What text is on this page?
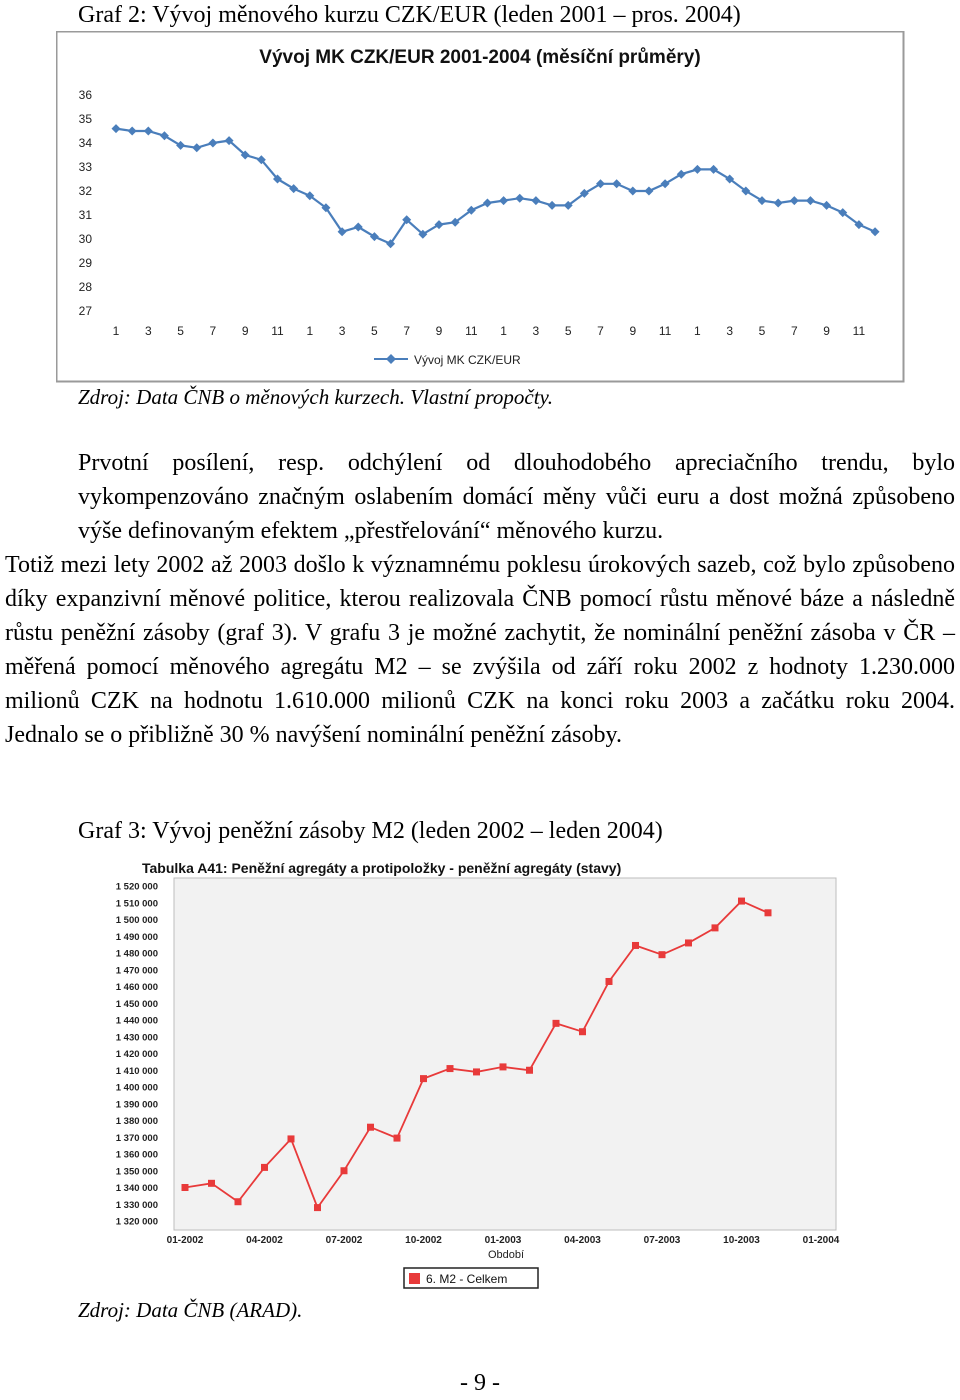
Graf 2: Vývoj měnového kurzu CZK/EUR (leden 2001 – pros. 2004)
Vývoj MK CZK/EUR 2001-2004 (měsíční průměry)
27
28
29
30
31
32
33
34
35
36
1 3 5 7 9 11 1 3 5 7 9 11 1 3 5 7 9 11 1 3 5 7 9 11
Vývoj MK CZK/EUR
Zdroj: Data ČNB o měnových kurzech. Vlastní propočty.

Prvotní posílení, resp. odchýlení od dlouhodobého apreciačního trendu, bylo vykompenzováno značným oslabením domácí měny vůči euru a dost možná způsobeno výše definovaným efektem „přestřelování“ měnového kurzu.

Totiž mezi lety 2002 až 2003 došlo k významnému poklesu úrokových sazeb, což bylo způsobeno díky expanzivní měnové politice, kterou realizovala ČNB pomocí růstu měnové báze a následně růstu peněžní zásoby (graf 3). V grafu 3 je možné zachytit, že nominální peněžní zásoba v ČR – měřená pomocí měnového agregátu M2 – se zvýšila od září roku 2002 z hodnoty 1.230.000 milionů CZK na hodnotu 1.610.000 milionů CZK na konci roku 2003 a začátku roku 2004. Jednalo se o přibližně 30 % navýšení nominální peněžní zásoby.

Graf 3: Vývoj peněžní zásoby M2 (leden 2002 – leden 2004)
Tabulka A41: Peněžní agregáty a protipoložky - peněžní agregáty (stavy)
1 320 000
1 330 000
1 340 000
1 350 000
1 360 000
1 370 000
1 380 000
1 390 000
1 400 000
1 410 000
1 420 000
1 430 000
1 440 000
1 450 000
1 460 000
1 470 000
1 480 000
1 490 000
1 500 000
1 510 000
1 520 000
01-2002	04-2002	07-2002	10-2002	01-2003	04-2003	07-2003	10-2003	01-2004
Období
6. M2 - Celkem
Zdroj: Data ČNB (ARAD).
- 9 -
